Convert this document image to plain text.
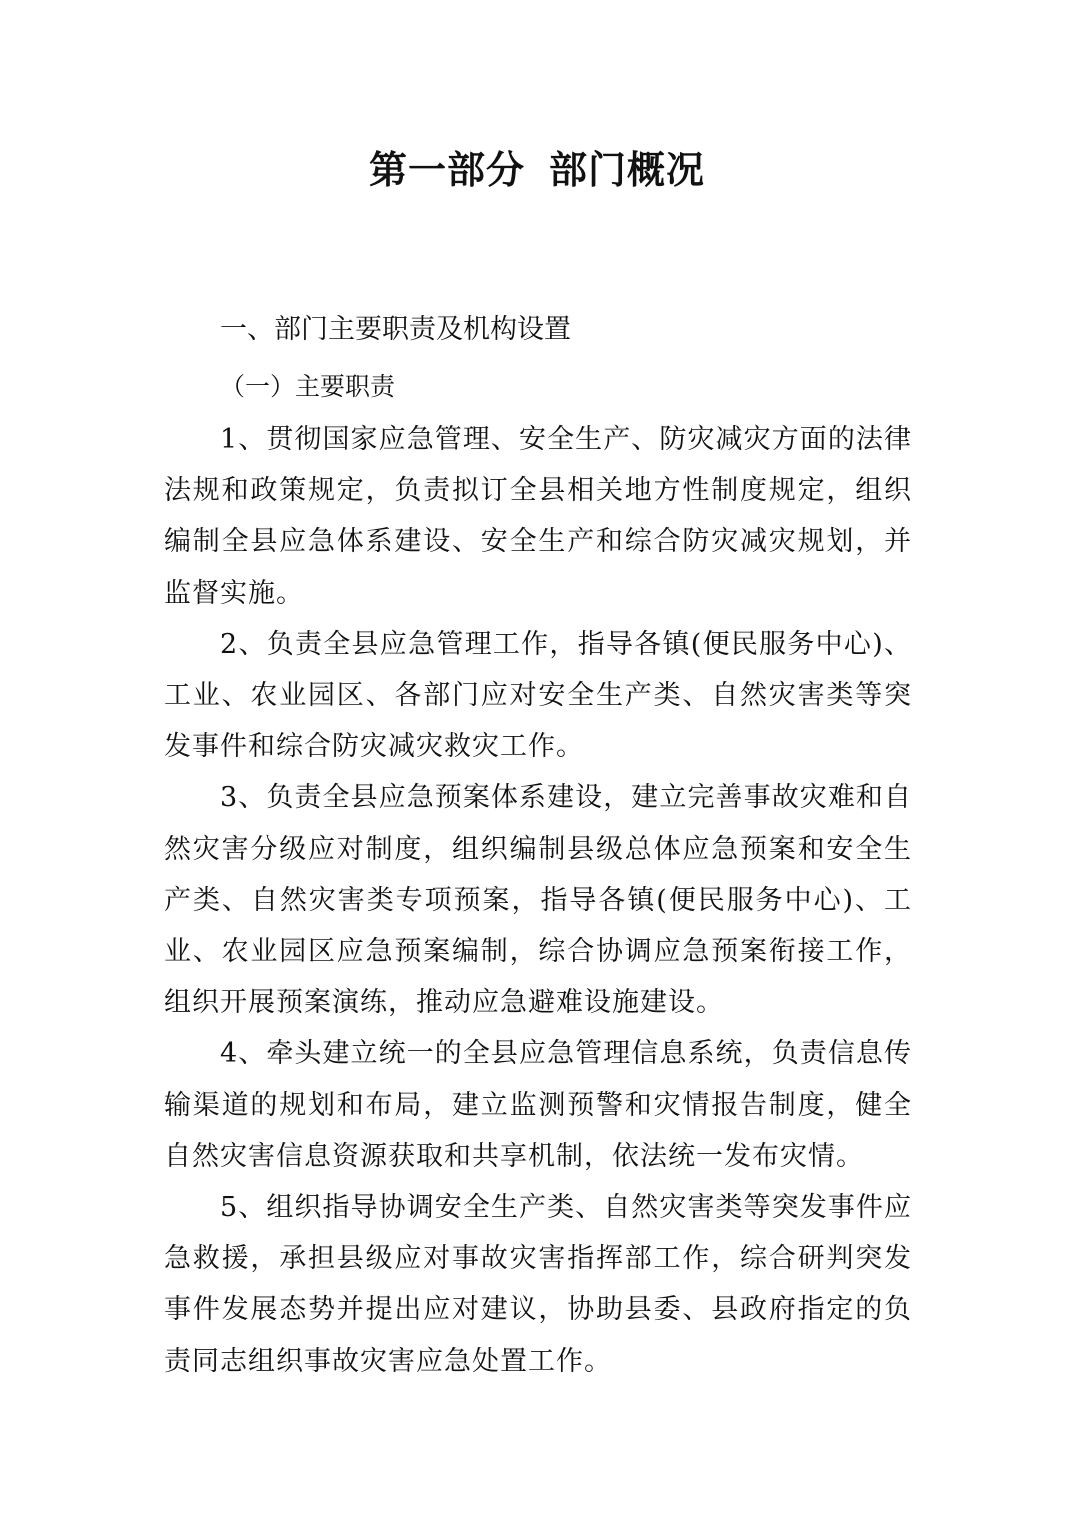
第一部分 部门概况
一、部门主要职责及机构设置
（一）主要职责

1、贯彻国家应急管理、安全生产、防灾减灾方面的法律法规和政策规定，负责拟订全县相关地方性制度规定，组织编制全县应急体系建设、安全生产和综合防灾减灾规划，并监督实施。

2、负责全县应急管理工作，指导各镇(便民服务中心)、工业、农业园区、各部门应对安全生产类、自然灾害类等突发事件和综合防灾减灾救灾工作。

3、负责全县应急预案体系建设，建立完善事故灾难和自然灾害分级应对制度，组织编制县级总体应急预案和安全生产类、自然灾害类专项预案，指导各镇(便民服务中心)、工业、农业园区应急预案编制，综合协调应急预案衔接工作，组织开展预案演练，推动应急避难设施建设。

4、牵头建立统一的全县应急管理信息系统，负责信息传输渠道的规划和布局，建立监测预警和灾情报告制度，健全自然灾害信息资源获取和共享机制，依法统一发布灾情。

5、组织指导协调安全生产类、自然灾害类等突发事件应急救援，承担县级应对事故灾害指挥部工作，综合研判突发事件发展态势并提出应对建议，协助县委、县政府指定的负责同志组织事故灾害应急处置工作。
